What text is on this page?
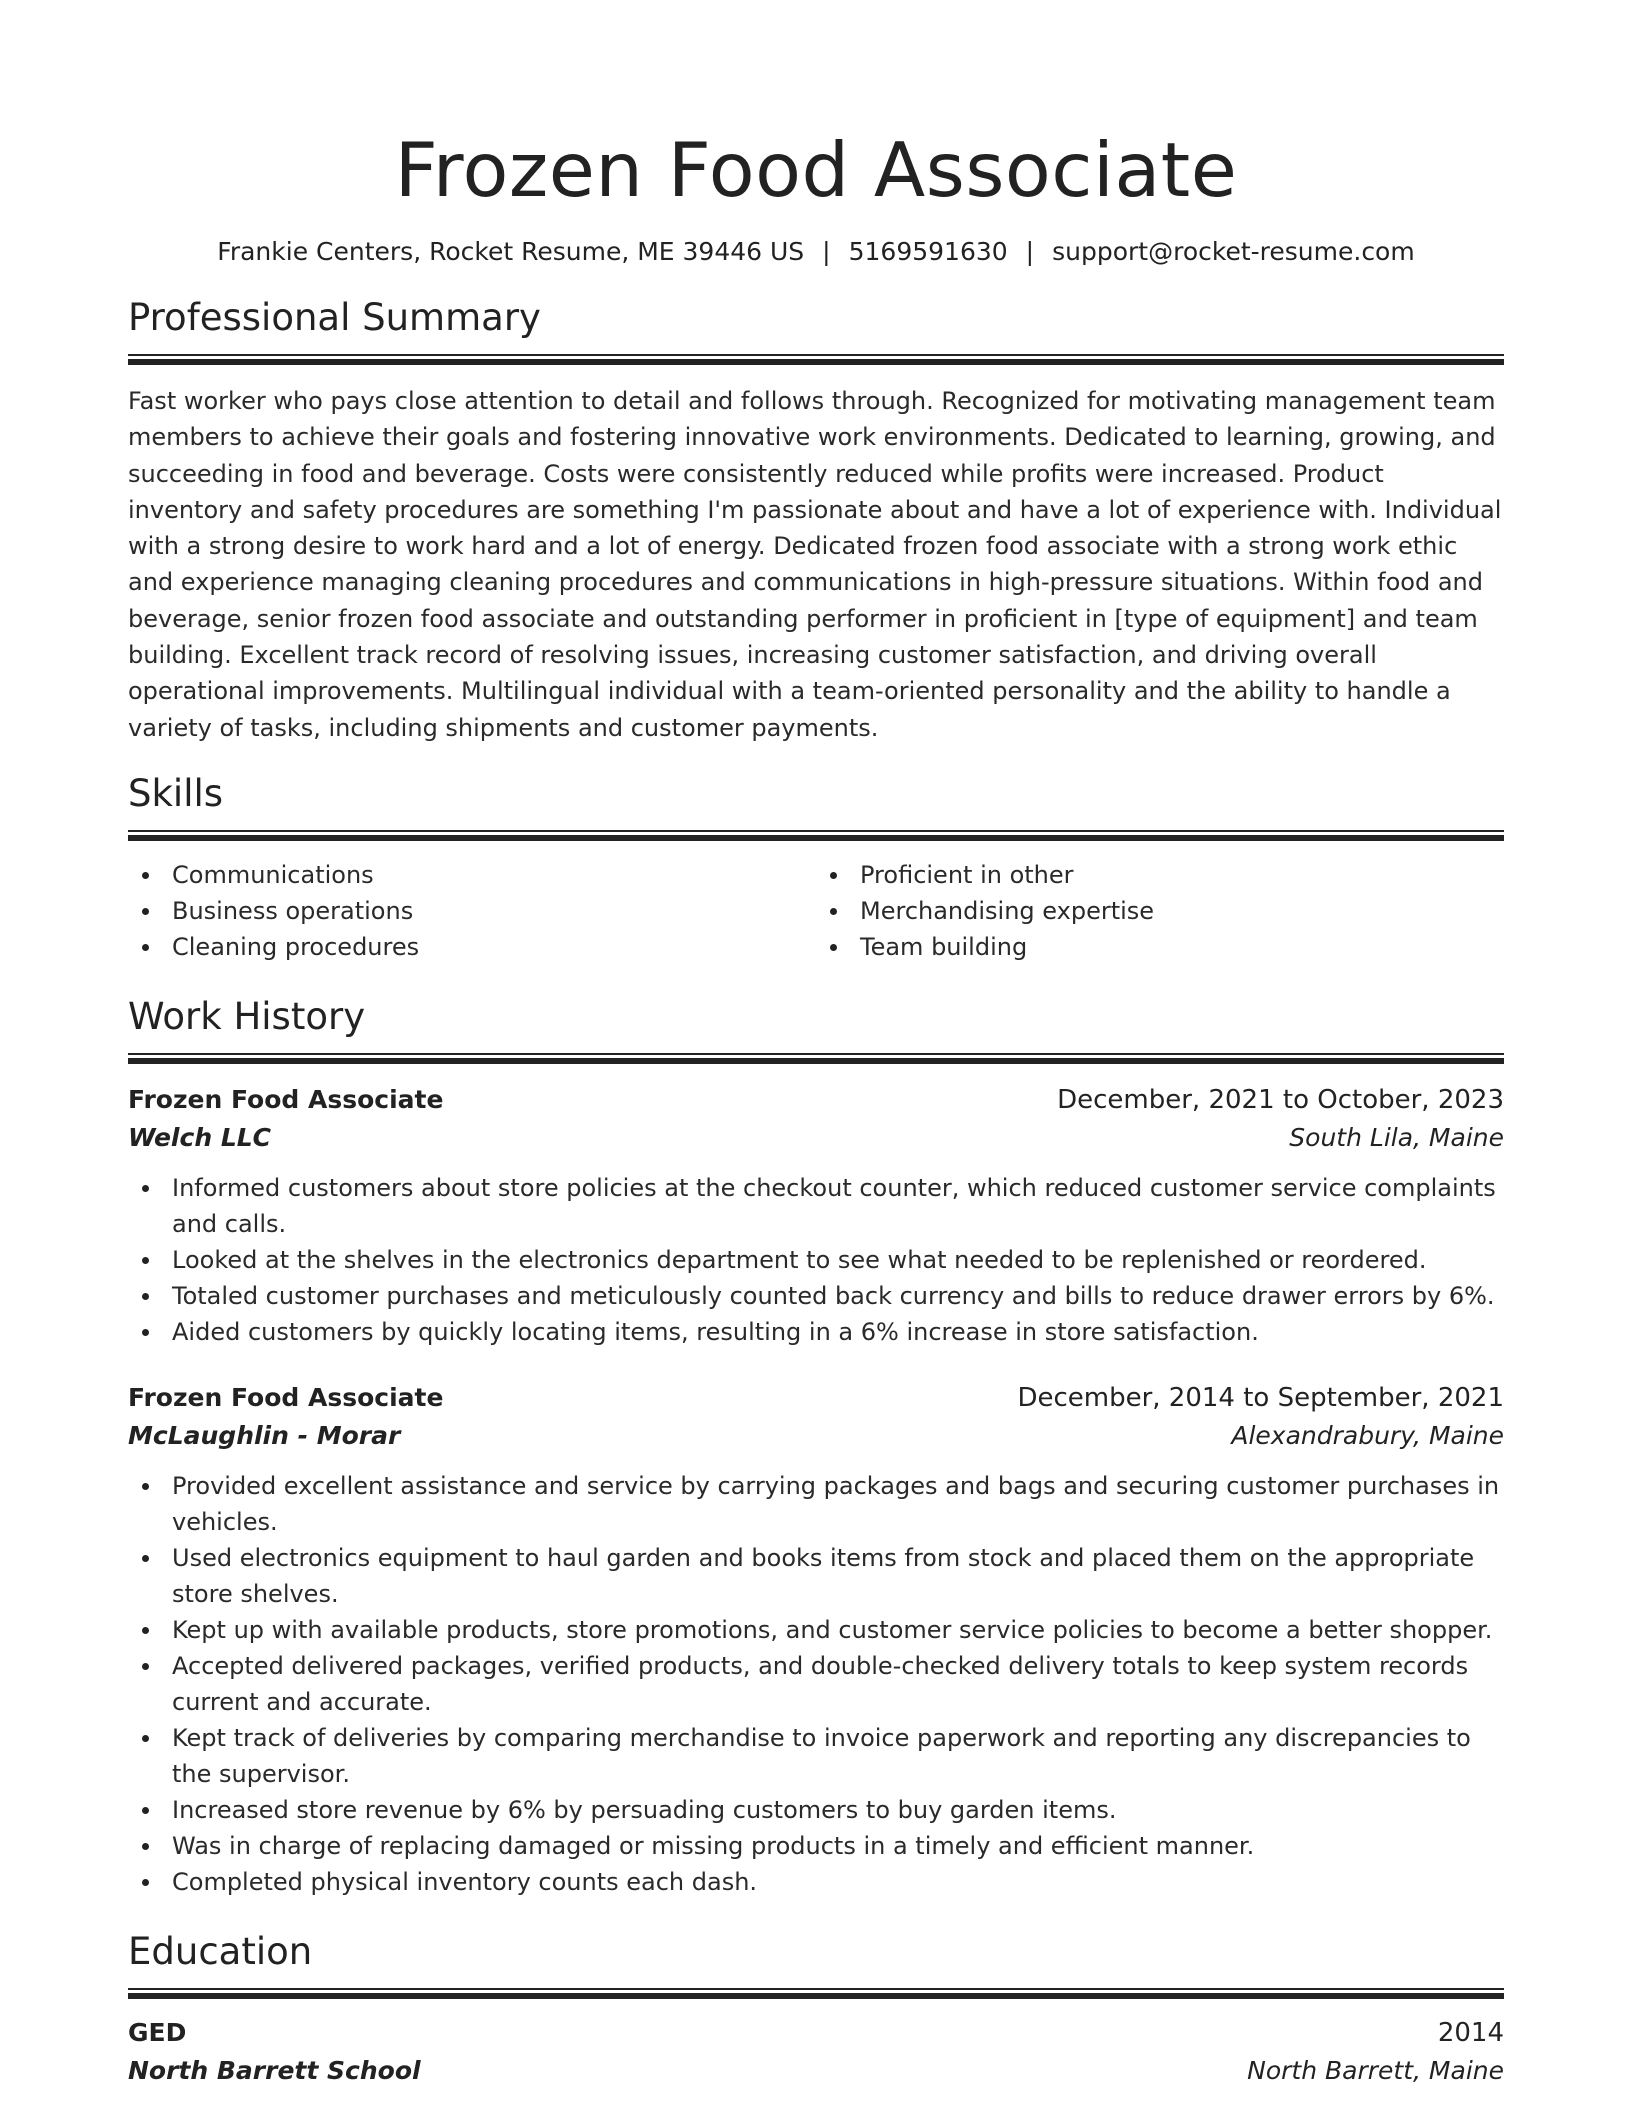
Frozen Food Associate
Frankie Centers, Rocket Resume, ME 39446 US | 5169591630 | support@rocket-resume.com
Professional Summary

Fast worker who pays close attention to detail and follows through. Recognized for motivating management team members to achieve their goals and fostering innovative work environments. Dedicated to learning, growing, and succeeding in food and beverage. Costs were consistently reduced while profits were increased. Product inventory and safety procedures are something I'm passionate about and have a lot of experience with. Individual with a strong desire to work hard and a lot of energy. Dedicated frozen food associate with a strong work ethic and experience managing cleaning procedures and communications in high-pressure situations. Within food and beverage, senior frozen food associate and outstanding performer in proficient in [type of equipment] and team building. Excellent track record of resolving issues, increasing customer satisfaction, and driving overall operational improvements. Multilingual individual with a team-oriented personality and the ability to handle a variety of tasks, including shipments and customer payments.

Skills
Communications
Business operations
Cleaning procedures
Proficient in other
Merchandising expertise
Team building
Work History
Frozen Food Associate	December, 2021 to October, 2023
Welch LLC	South Lila, Maine
Informed customers about store policies at the checkout counter, which reduced customer service complaints and calls.
Looked at the shelves in the electronics department to see what needed to be replenished or reordered.
Totaled customer purchases and meticulously counted back currency and bills to reduce drawer errors by 6%.
Aided customers by quickly locating items, resulting in a 6% increase in store satisfaction.
Frozen Food Associate	December, 2014 to September, 2021
McLaughlin - Morar	Alexandrabury, Maine
Provided excellent assistance and service by carrying packages and bags and securing customer purchases in vehicles.
Used electronics equipment to haul garden and books items from stock and placed them on the appropriate store shelves.
Kept up with available products, store promotions, and customer service policies to become a better shopper.
Accepted delivered packages, verified products, and double-checked delivery totals to keep system records current and accurate.
Kept track of deliveries by comparing merchandise to invoice paperwork and reporting any discrepancies to the supervisor.
Increased store revenue by 6% by persuading customers to buy garden items.
Was in charge of replacing damaged or missing products in a timely and efficient manner.
Completed physical inventory counts each dash.
Education
GED	2014
North Barrett School	North Barrett, Maine
